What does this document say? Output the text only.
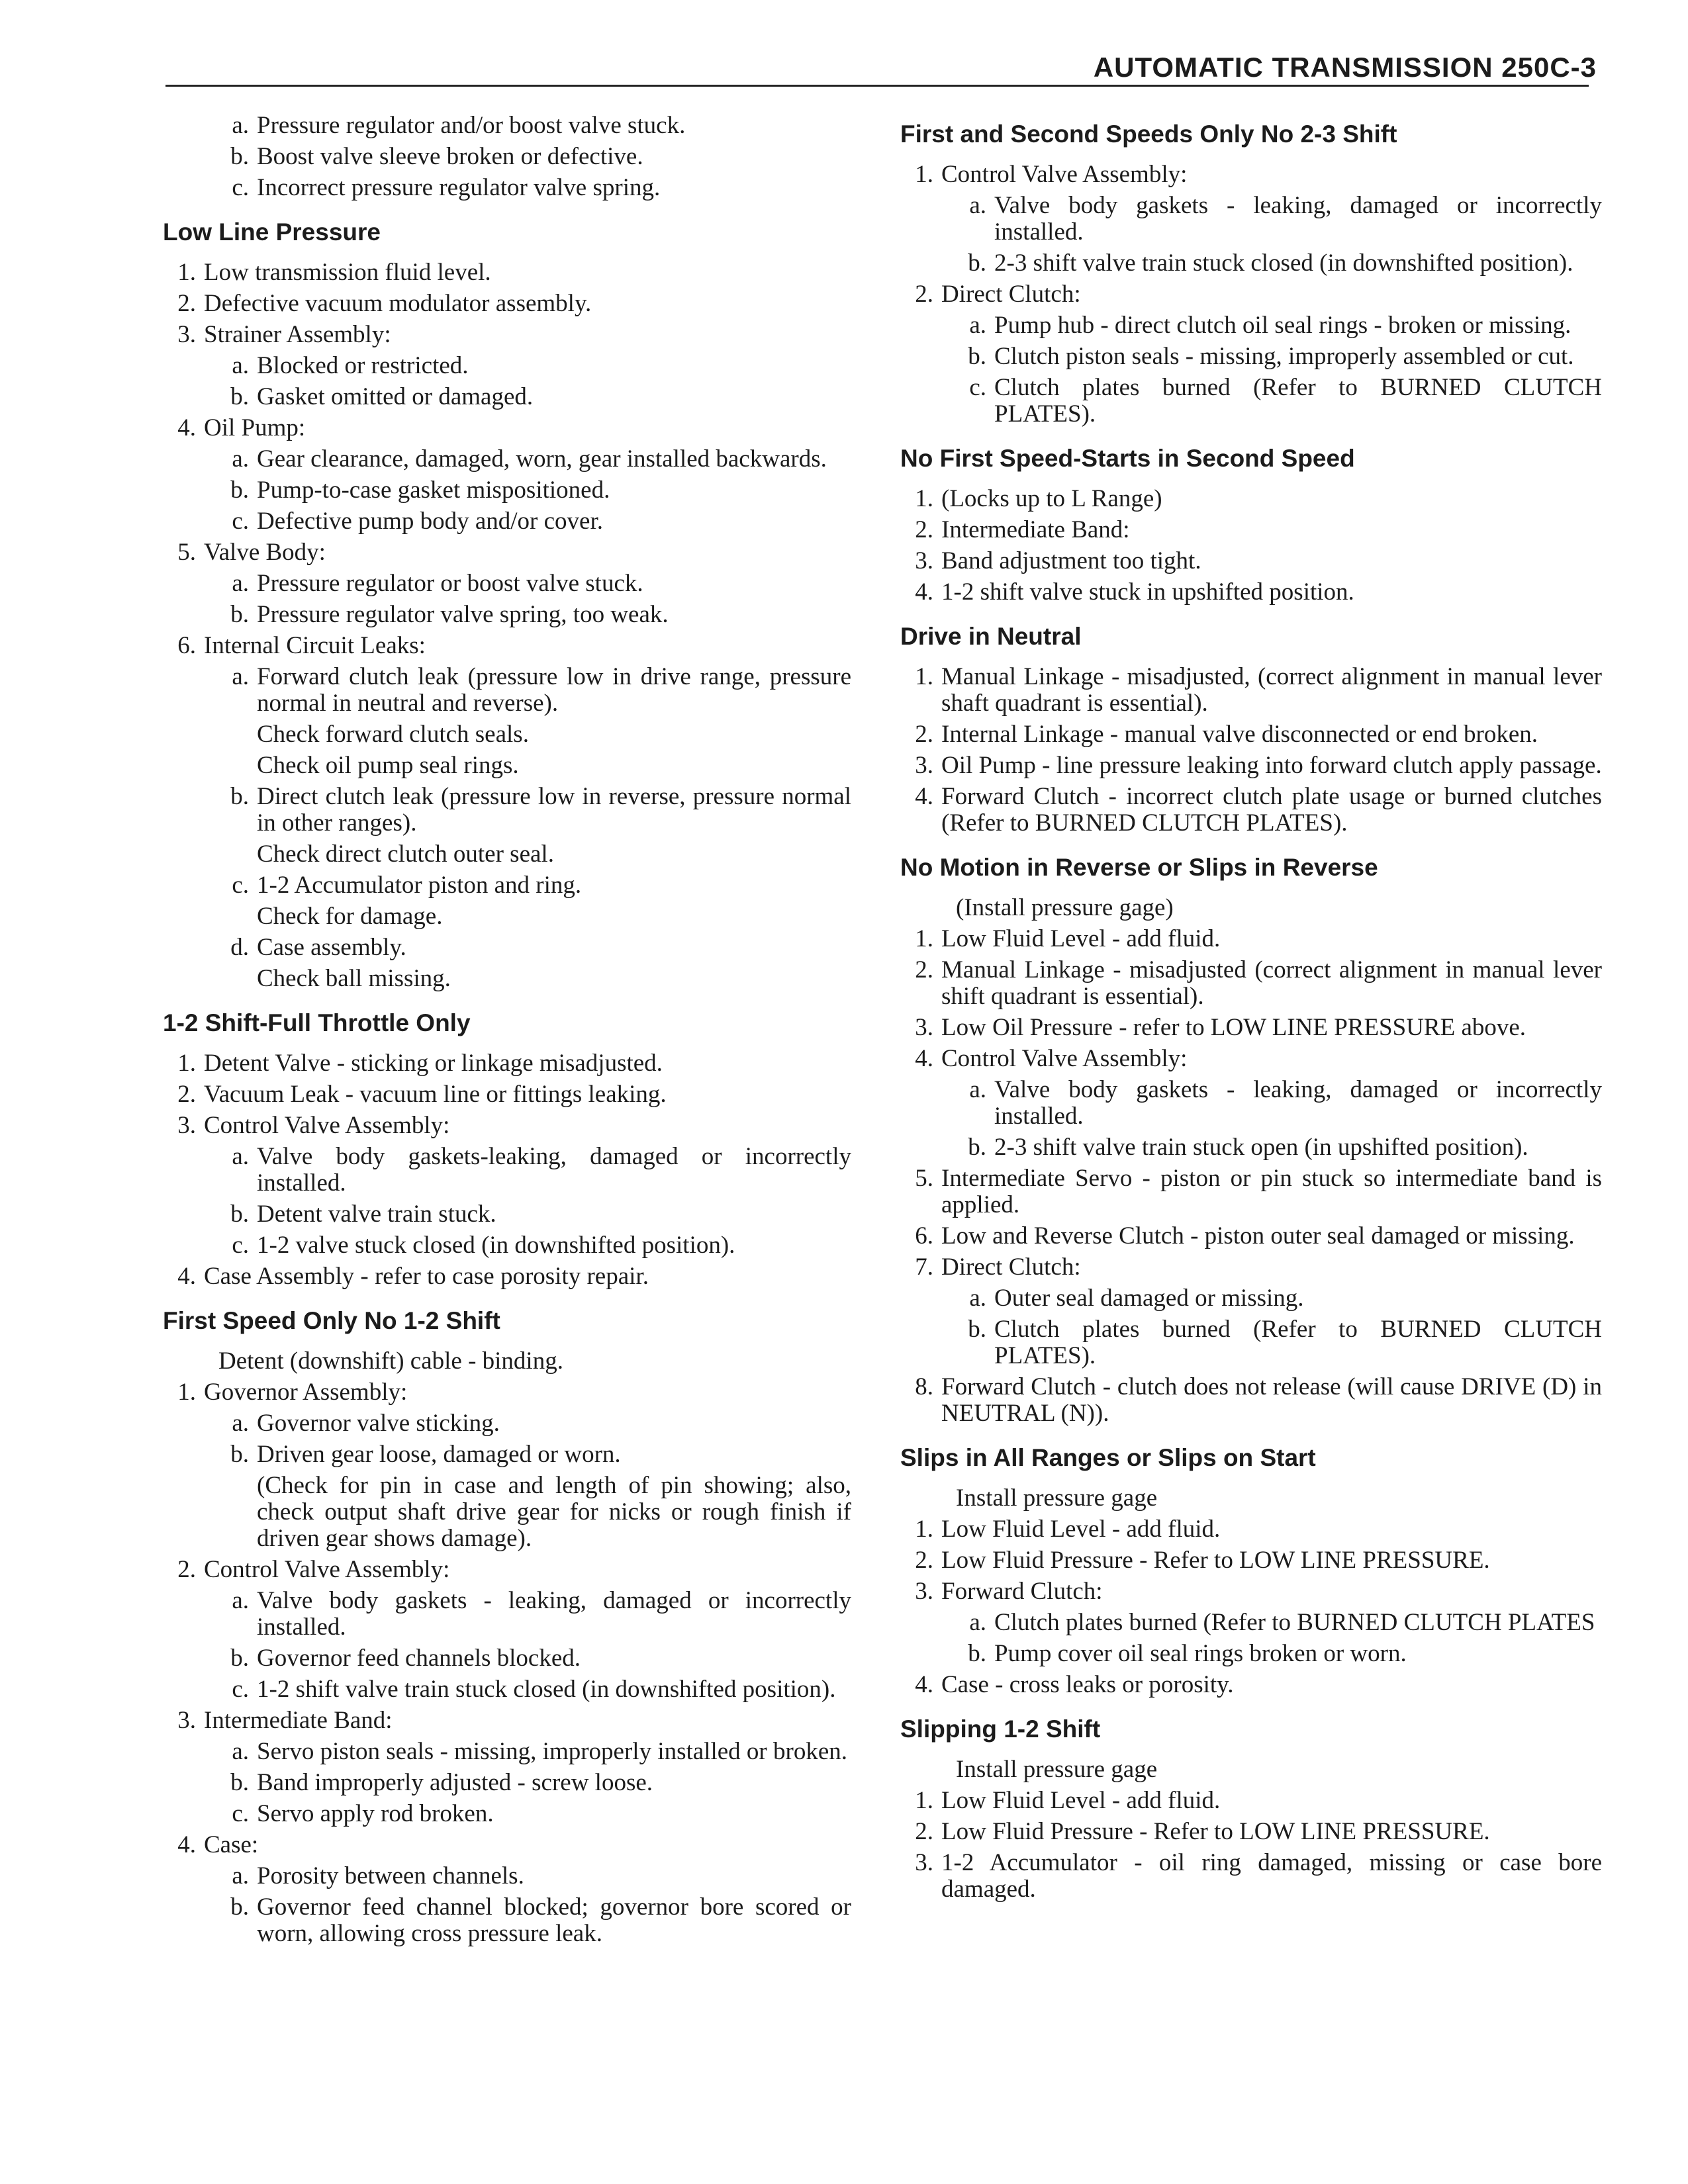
AUTOMATIC TRANSMISSION 250C-3
a. Pressure regulator and/or boost valve stuck.
b. Boost valve sleeve broken or defective.
c. Incorrect pressure regulator valve spring.
Low Line Pressure
1. Low transmission fluid level.
2. Defective vacuum modulator assembly.
3. Strainer Assembly:
a. Blocked or restricted.
b. Gasket omitted or damaged.
4. Oil Pump:
a. Gear clearance, damaged, worn, gear installed backwards.
b. Pump-to-case gasket mispositioned.
c. Defective pump body and/or cover.
5. Valve Body:
a. Pressure regulator or boost valve stuck.
b. Pressure regulator valve spring, too weak.
6. Internal Circuit Leaks:
a. Forward clutch leak (pressure low in drive range, pressure normal in neutral and reverse).
Check forward clutch seals.
Check oil pump seal rings.
b. Direct clutch leak (pressure low in reverse, pressure normal in other ranges).
Check direct clutch outer seal.
c. 1-2 Accumulator piston and ring.
Check for damage.
d. Case assembly.
Check ball missing.
1-2 Shift-Full Throttle Only
1. Detent Valve - sticking or linkage misadjusted.
2. Vacuum Leak - vacuum line or fittings leaking.
3. Control Valve Assembly:
a. Valve body gaskets-leaking, damaged or incorrectly installed.
b. Detent valve train stuck.
c. 1-2 valve stuck closed (in downshifted position).
4. Case Assembly - refer to case porosity repair.
First Speed Only No 1-2 Shift
Detent (downshift) cable - binding.
1. Governor Assembly:
a. Governor valve sticking.
b. Driven gear loose, damaged or worn.
(Check for pin in case and length of pin showing; also, check output shaft drive gear for nicks or rough finish if driven gear shows damage).
2. Control Valve Assembly:
a. Valve body gaskets - leaking, damaged or incorrectly installed.
b. Governor feed channels blocked.
c. 1-2 shift valve train stuck closed (in downshifted position).
3. Intermediate Band:
a. Servo piston seals - missing, improperly installed or broken.
b. Band improperly adjusted - screw loose.
c. Servo apply rod broken.
4. Case:
a. Porosity between channels.
b. Governor feed channel blocked; governor bore scored or worn, allowing cross pressure leak.
First and Second Speeds Only No 2-3 Shift
1. Control Valve Assembly:
a. Valve body gaskets - leaking, damaged or incorrectly installed.
b. 2-3 shift valve train stuck closed (in downshifted position).
2. Direct Clutch:
a. Pump hub - direct clutch oil seal rings - broken or missing.
b. Clutch piston seals - missing, improperly assembled or cut.
c. Clutch plates burned (Refer to BURNED CLUTCH PLATES).
No First Speed-Starts in Second Speed
1. (Locks up to L Range)
2. Intermediate Band:
3. Band adjustment too tight.
4. 1-2 shift valve stuck in upshifted position.
Drive in Neutral
1. Manual Linkage - misadjusted, (correct alignment in manual lever shaft quadrant is essential).
2. Internal Linkage - manual valve disconnected or end broken.
3. Oil Pump - line pressure leaking into forward clutch apply passage.
4. Forward Clutch - incorrect clutch plate usage or burned clutches (Refer to BURNED CLUTCH PLATES).
No Motion in Reverse or Slips in Reverse
(Install pressure gage)
1. Low Fluid Level - add fluid.
2. Manual Linkage - misadjusted (correct alignment in manual lever shift quadrant is essential).
3. Low Oil Pressure - refer to LOW LINE PRESSURE above.
4. Control Valve Assembly:
a. Valve body gaskets - leaking, damaged or incorrectly installed.
b. 2-3 shift valve train stuck open (in upshifted position).
5. Intermediate Servo - piston or pin stuck so intermediate band is applied.
6. Low and Reverse Clutch - piston outer seal damaged or missing.
7. Direct Clutch:
a. Outer seal damaged or missing.
b. Clutch plates burned (Refer to BURNED CLUTCH PLATES).
8. Forward Clutch - clutch does not release (will cause DRIVE (D) in NEUTRAL (N)).
Slips in All Ranges or Slips on Start
Install pressure gage
1. Low Fluid Level - add fluid.
2. Low Fluid Pressure - Refer to LOW LINE PRESSURE.
3. Forward Clutch:
a. Clutch plates burned (Refer to BURNED CLUTCH PLATES
b. Pump cover oil seal rings broken or worn.
4. Case - cross leaks or porosity.
Slipping 1-2 Shift
Install pressure gage
1. Low Fluid Level - add fluid.
2. Low Fluid Pressure - Refer to LOW LINE PRESSURE.
3. 1-2 Accumulator - oil ring damaged, missing or case bore damaged.
